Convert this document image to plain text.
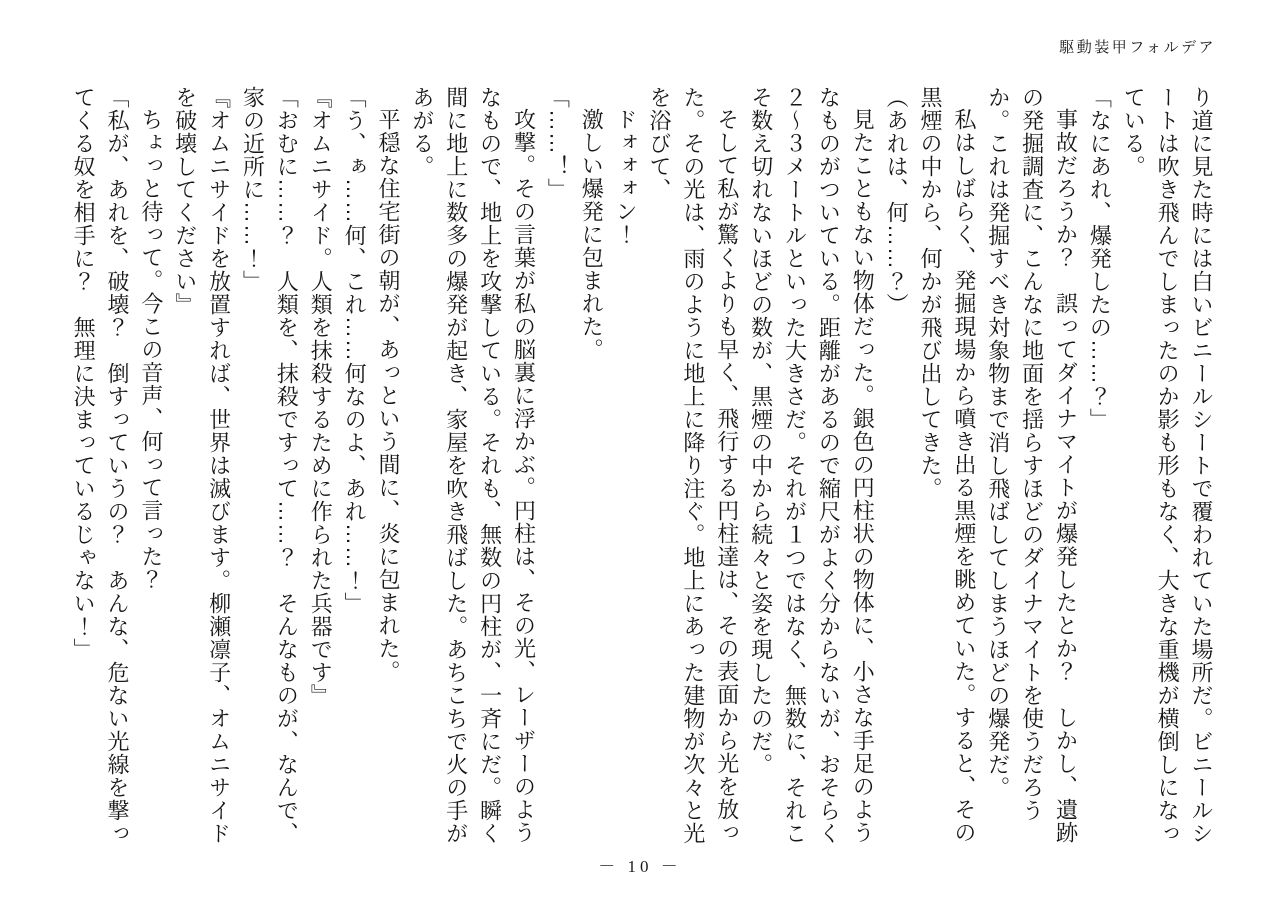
駆動装甲フォルデア

り道に見た時には白いビニールシートで覆われていた場所だ。ビニールシートは吹き飛んでしまったのか影も形もなく、大きな重機が横倒しになっている。

「なにあれ、爆発したの……？」

事故だろうか？　誤ってダイナマイトが爆発したとか？　しかし、遺跡の発掘調査に、こんなに地面を揺らすほどのダイナマイトを使うだろうか。これは発掘すべき対象物まで消し飛ばしてしまうほどの爆発だ。

私はしばらく、発掘現場から噴き出る黒煙を眺めていた。すると、その黒煙の中から、何かが飛び出してきた。

（あれは、何……？）

見たこともない物体だった。銀色の円柱状の物体に、小さな手足のようなものがついている。距離があるので縮尺がよく分からないが、おそらく２〜３メートルといった大きさだ。それが１つではなく、無数に、それこそ数え切れないほどの数が、黒煙の中から続々と姿を現したのだ。

そして私が驚くよりも早く、飛行する円柱達は、その表面から光を放った。その光は、雨のように地上に降り注ぐ。地上にあった建物が次々と光を浴びて、

ドォォォン！

激しい爆発に包まれた。

「……！」

攻撃。その言葉が私の脳裏に浮かぶ。円柱は、その光、レーザーのようなもので、地上を攻撃している。それも、無数の円柱が、一斉にだ。瞬く間に地上に数多の爆発が起き、家屋を吹き飛ばした。あちこちで火の手があがる。

平穏な住宅街の朝が、あっという間に、炎に包まれた。

「う、ぁ……何、これ……何なのよ、あれ……！」

『オムニサイド。人類を抹殺するために作られた兵器です』

「おむに……？　人類を、抹殺ですって……？　そんなものが、なんで、家の近所に……！」

『オムニサイドを放置すれば、世界は滅びます。柳瀬凛子、オムニサイドを破壊してください』

ちょっと待って。今この音声、何って言った？

「私が、あれを、破壊？　倒すっていうの？　あんな、危ない光線を撃ってくる奴を相手に？　無理に決まっているじゃない！」

－ 10 －
